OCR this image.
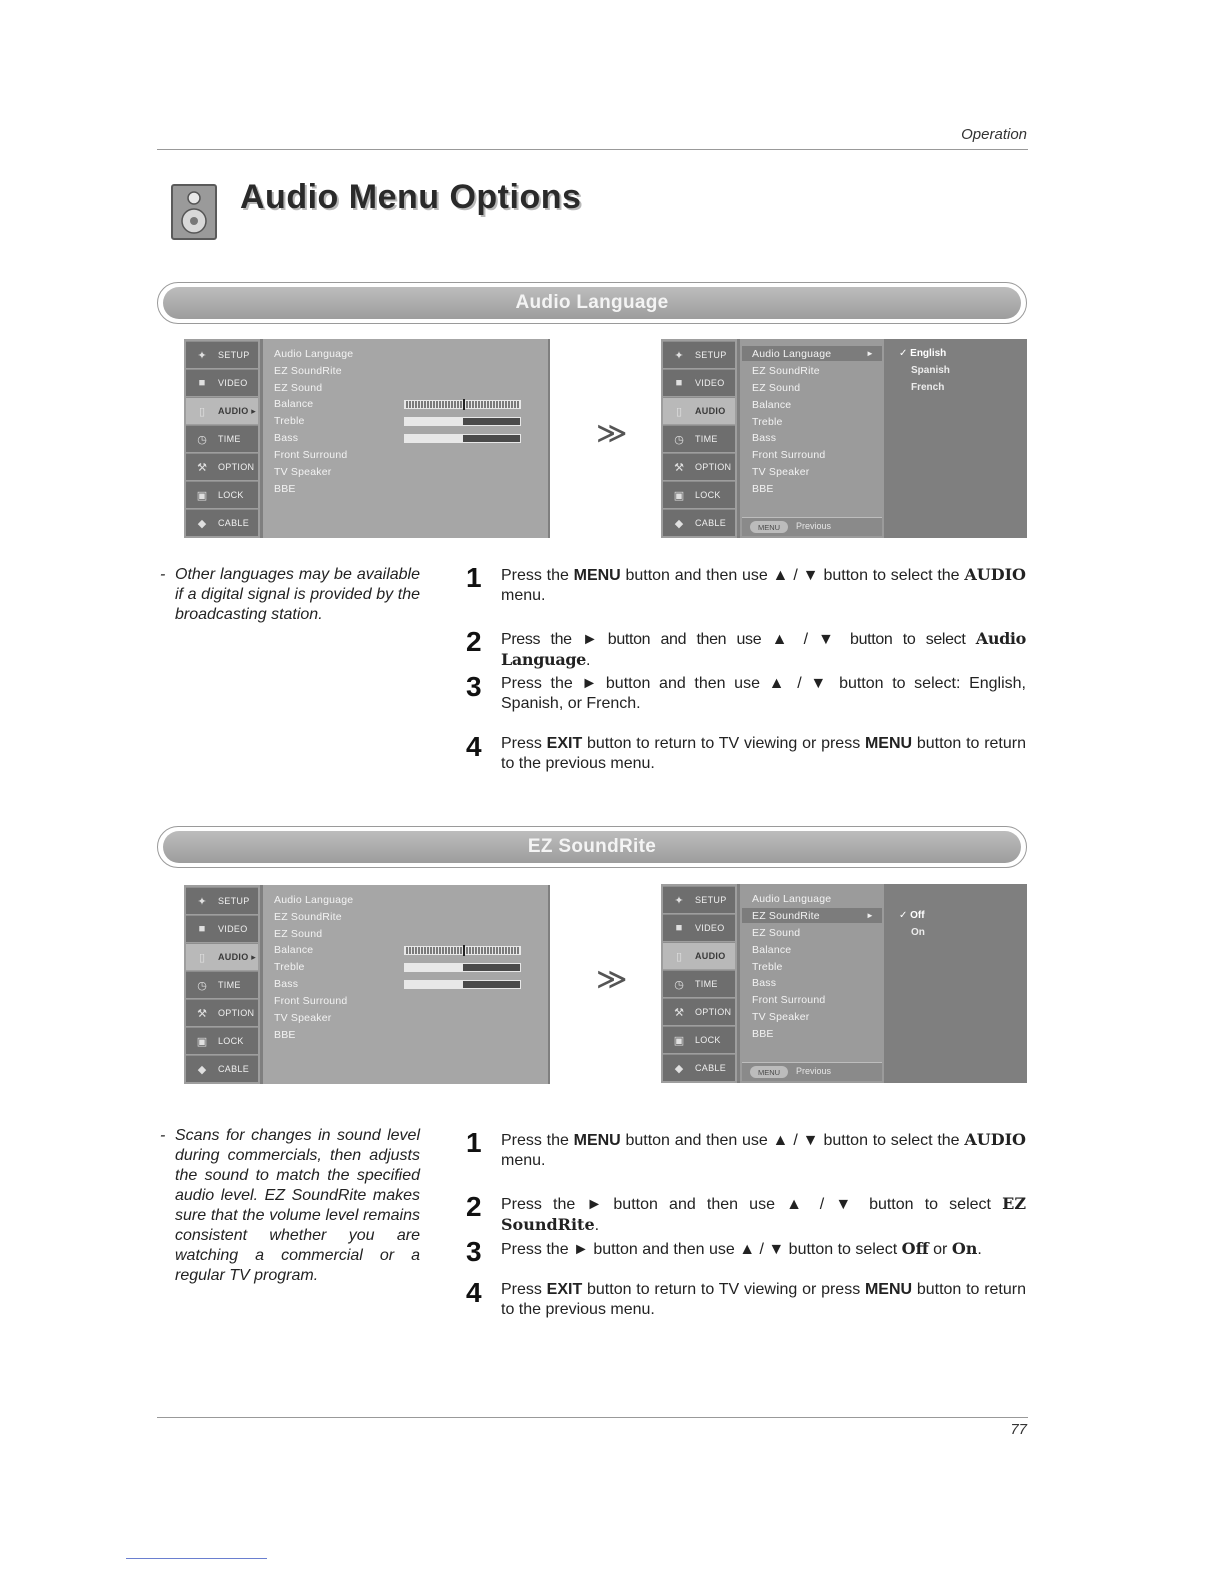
Operation
Audio Menu Options
Audio Language
✦	SETUP
■	VIDEO
▯	AUDIO ▸
◷	TIME
⚒	OPTION
▣	LOCK
◆	CABLE
Audio Language
EZ SoundRite
EZ Sound
Balance
Treble
Bass
Front Surround
TV Speaker
BBE
≫
✦	SETUP
■	VIDEO
▯	AUDIO
◷	TIME
⚒	OPTION
▣	LOCK
◆	CABLE
Audio Language	►
EZ SoundRite
EZ Sound
Balance
Treble
Bass
Front Surround
TV Speaker
BBE
MENU	Previous
✓ English
Spanish
French
- Other languages may be available if a digital signal is provided by the broadcasting station.
1 Press the MENU button and then use ▲ / ▼ button to select the AUDIO menu.
2 Press the ► button and then use ▲ / ▼ button to select Audio Language.
3 Press the ► button and then use ▲ / ▼ button to select: English, Spanish, or French.
4 Press EXIT button to return to TV viewing or press MENU button to return to the previous menu.
EZ SoundRite
✦	SETUP
■	VIDEO
▯	AUDIO ▸
◷	TIME
⚒	OPTION
▣	LOCK
◆	CABLE
Audio Language
EZ SoundRite
EZ Sound
Balance
Treble
Bass
Front Surround
TV Speaker
BBE
≫
✦	SETUP
■	VIDEO
▯	AUDIO
◷	TIME
⚒	OPTION
▣	LOCK
◆	CABLE
Audio Language
EZ SoundRite	►
EZ Sound
Balance
Treble
Bass
Front Surround
TV Speaker
BBE
MENU	Previous
✓ Off
On
- Scans for changes in sound level during commercials, then adjusts the sound to match the specified audio level. EZ SoundRite makes sure that the volume level remains consistent whether you are watching a commercial or a regular TV program.
1 Press the MENU button and then use ▲ / ▼ button to select the AUDIO menu.
2 Press the ► button and then use ▲ / ▼ button to select EZ SoundRite.
3 Press the ► button and then use ▲ / ▼ button to select Off or On.
4 Press EXIT button to return to TV viewing or press MENU button to return to the previous menu.
77
